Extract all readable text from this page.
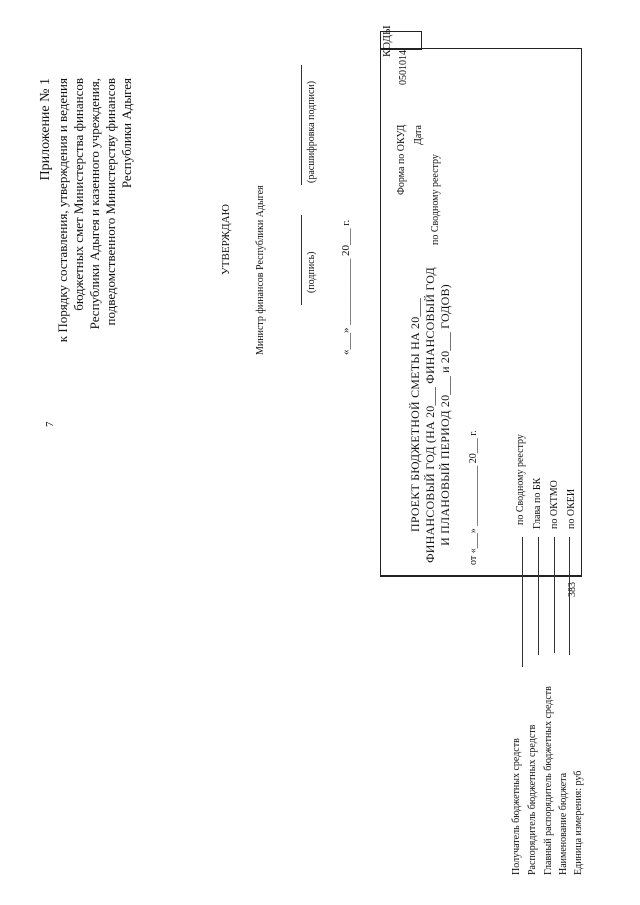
7
Приложение № 1 к Порядку составления, утверждения и ведения бюджетных смет Министерства финансов Республики Адыгея и казенного учреждения, подведомственного Министерству финансов Республики Адыгея
УТВЕРЖДАЮ Министр финансов Республики Адыгея	(подпись)
(расшифровка подписи)
«___» ____________ 20___ г.
ПРОЕКТ БЮДЖЕТНОЙ СМЕТЫ НА 20___ ФИНАНСОВЫЙ ГОД (НА 20___ ФИНАНСОВЫЙ ГОД И ПЛАНОВЫЙ ПЕРИОД 20___ и 20___ ГОДОВ) от «___» ____________ 20___ г.
Форма по ОКУД Дата
по Сводному реестру
по Сводному реестру Глава по БК по ОКТМО по ОКЕИ
КОДЫ
0501014
383
Получатель бюджетных средств Распорядитель бюджетных средств Главный распорядитель бюджетных средств Наименование бюджета Единица измерения: руб
